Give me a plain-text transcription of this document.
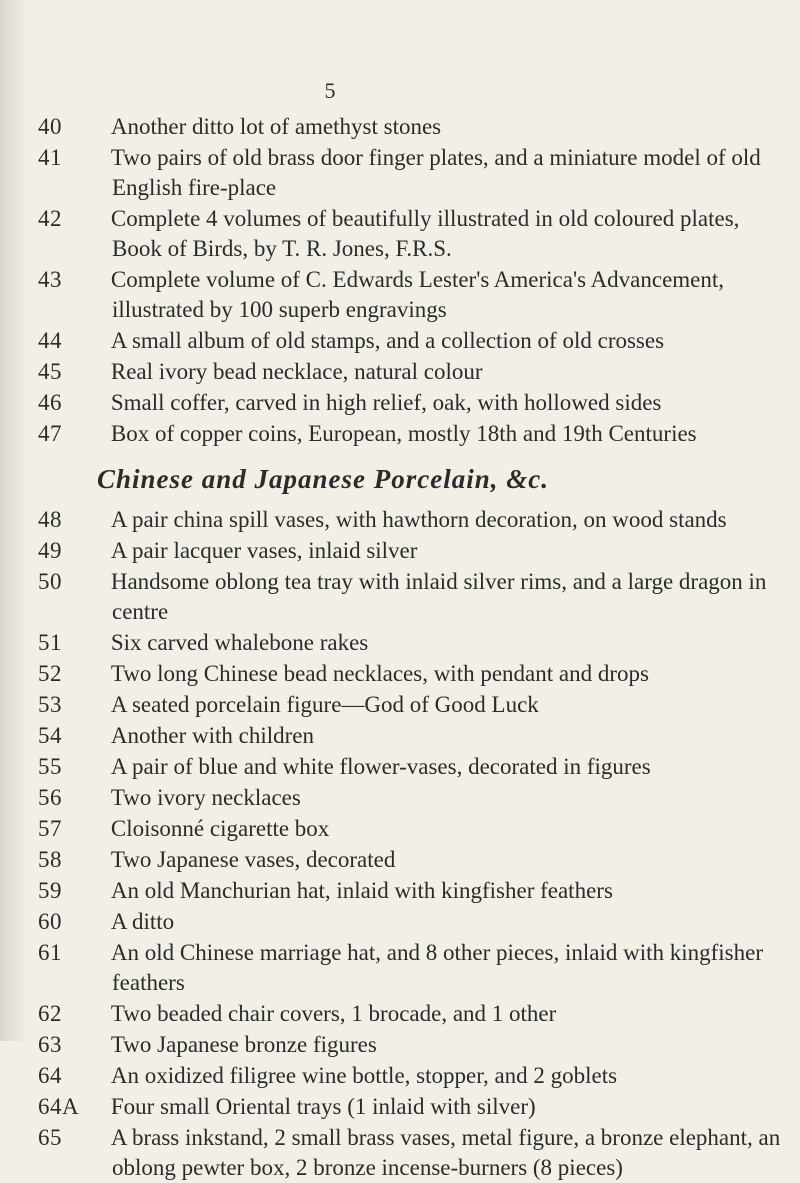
5
40	Another ditto lot of amethyst stones
41	Two pairs of old brass door finger plates, and a miniature model of old English fire-place
42	Complete 4 volumes of beautifully illustrated in old coloured plates, Book of Birds, by T. R. Jones, F.R.S.
43	Complete volume of C. Edwards Lester's America's Advancement, illustrated by 100 superb engravings
44	A small album of old stamps, and a collection of old crosses
45	Real ivory bead necklace, natural colour
46	Small coffer, carved in high relief, oak, with hollowed sides
47	Box of copper coins, European, mostly 18th and 19th Centuries
Chinese and Japanese Porcelain, &c.
48	A pair china spill vases, with hawthorn decoration, on wood stands
49	A pair lacquer vases, inlaid silver
50	Handsome oblong tea tray with inlaid silver rims, and a large dragon in centre
51	Six carved whalebone rakes
52	Two long Chinese bead necklaces, with pendant and drops
53	A seated porcelain figure—God of Good Luck
54	Another with children
55	A pair of blue and white flower-vases, decorated in figures
56	Two ivory necklaces
57	Cloisonné cigarette box
58	Two Japanese vases, decorated
59	An old Manchurian hat, inlaid with kingfisher feathers
60	A ditto
61	An old Chinese marriage hat, and 8 other pieces, inlaid with kingfisher feathers
62	Two beaded chair covers, 1 brocade, and 1 other
63	Two Japanese bronze figures
64	An oxidized filigree wine bottle, stopper, and 2 goblets
64A	Four small Oriental trays (1 inlaid with silver)
65	A brass inkstand, 2 small brass vases, metal figure, a bronze elephant, an oblong pewter box, 2 bronze incense-burners (8 pieces)
